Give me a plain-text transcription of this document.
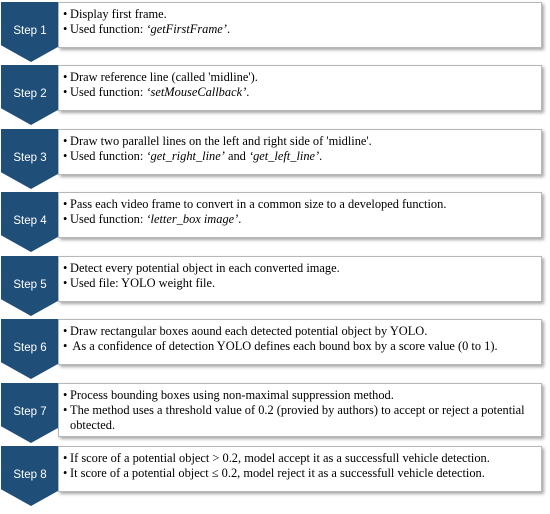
Step 1
• Display first frame.
• Used function: ‘getFirstFrame’.
Step 2
• Draw reference line (called 'midline').
• Used function: ‘setMouseCallback’.
Step 3
• Draw two parallel lines on the left and right side of 'midline'.
• Used function: ‘get_right_line’ and ‘get_left_line’.
Step 4
• Pass each video frame to convert in a common size to a developed function.
• Used function: ‘letter_box image’.
Step 5
• Detect every potential object in each converted image.
• Used file: YOLO weight file.
Step 6
• Draw rectangular boxes aound each detected potential object by YOLO.
• As a confidence of detection YOLO defines each bound box by a score value (0 to 1).
Step 7
• Process bounding boxes using non-maximal suppression method.
• The method uses a threshold value of 0.2 (provied by authors) to accept or reject a potential obtected.
Step 8
• If score of a potential object > 0.2, model accept it as a successfull vehicle detection.
• It score of a potential object ≤ 0.2, model reject it as a successfull vehicle detection.
